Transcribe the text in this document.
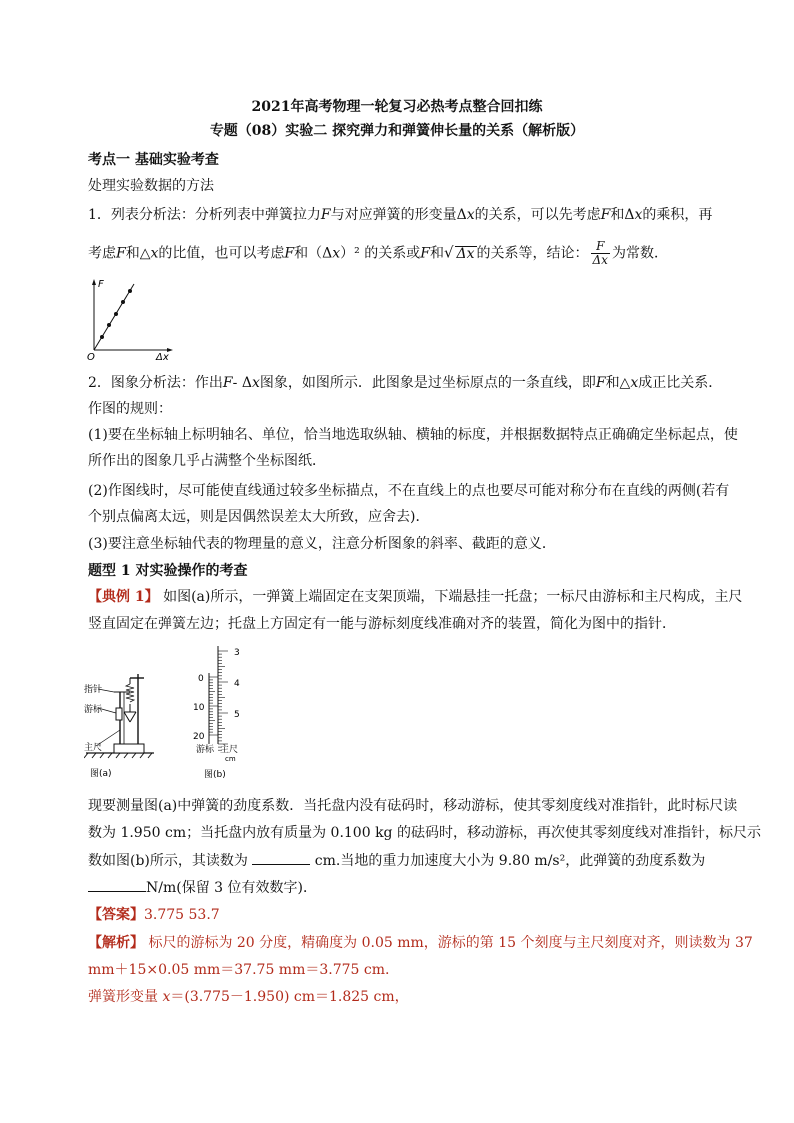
2021年高考物理一轮复习必热考点整合回扣练
专题（08）实验二 探究弹力和弹簧伸长量的关系（解析版）
考点一 基础实验考查
处理实验数据的方法
1．列表分析法：分析列表中弹簧拉力F与对应弹簧的形变量Δx的关系，可以先考虑F和Δx的乘积，再
考虑F和△x的比值，也可以考虑F和（Δx）² 的关系或F和√ Δx 的关系等，结论： $\frac{F}{\Delta x}$ 为常数．
F
Δx
O
2．图象分析法：作出F- Δx图象，如图所示．此图象是过坐标原点的一条直线，即F和△x成正比关系．
作图的规则：
(1)要在坐标轴上标明轴名、单位，恰当地选取纵轴、横轴的标度，并根据数据特点正确确定坐标起点，使
所作出的图象几乎占满整个坐标图纸．
(2)作图线时，尽可能使直线通过较多坐标描点，不在直线上的点也要尽可能对称分布在直线的两侧(若有
个别点偏离太远，则是因偶然误差太大所致，应舍去)．
(3)要注意坐标轴代表的物理量的意义，注意分析图象的斜率、截距的意义．
题型 1 对实验操作的考查
【典例 1】 如图(a)所示，一弹簧上端固定在支架顶端，下端悬挂一托盘；一标尺由游标和主尺构成，主尺
竖直固定在弹簧左边；托盘上方固定有一能与游标刻度线准确对齐的装置，简化为图中的指针．
指针
游标
主尺
图(a)
3
4
5
0
10
20
游标 主尺
cm
图(b)
现要测量图(a)中弹簧的劲度系数．当托盘内没有砝码时，移动游标，使其零刻度线对准指针，此时标尺读
数为 1.950 cm；当托盘内放有质量为 0.100 kg 的砝码时，移动游标，再次使其零刻度线对准指针，标尺示
数如图(b)所示，其读数为	cm.当地的重力加速度大小为 9.80 m/s²，此弹簧的劲度系数为
N/m(保留 3 位有效数字)．
【答案】3.775 53.7
【解析】 标尺的游标为 20 分度，精确度为 0.05 mm，游标的第 15 个刻度与主尺刻度对齐，则读数为 37
mm＋15×0.05 mm＝37.75 mm＝3.775 cm.
弹簧形变量 x＝(3.775－1.950) cm＝1.825 cm，
